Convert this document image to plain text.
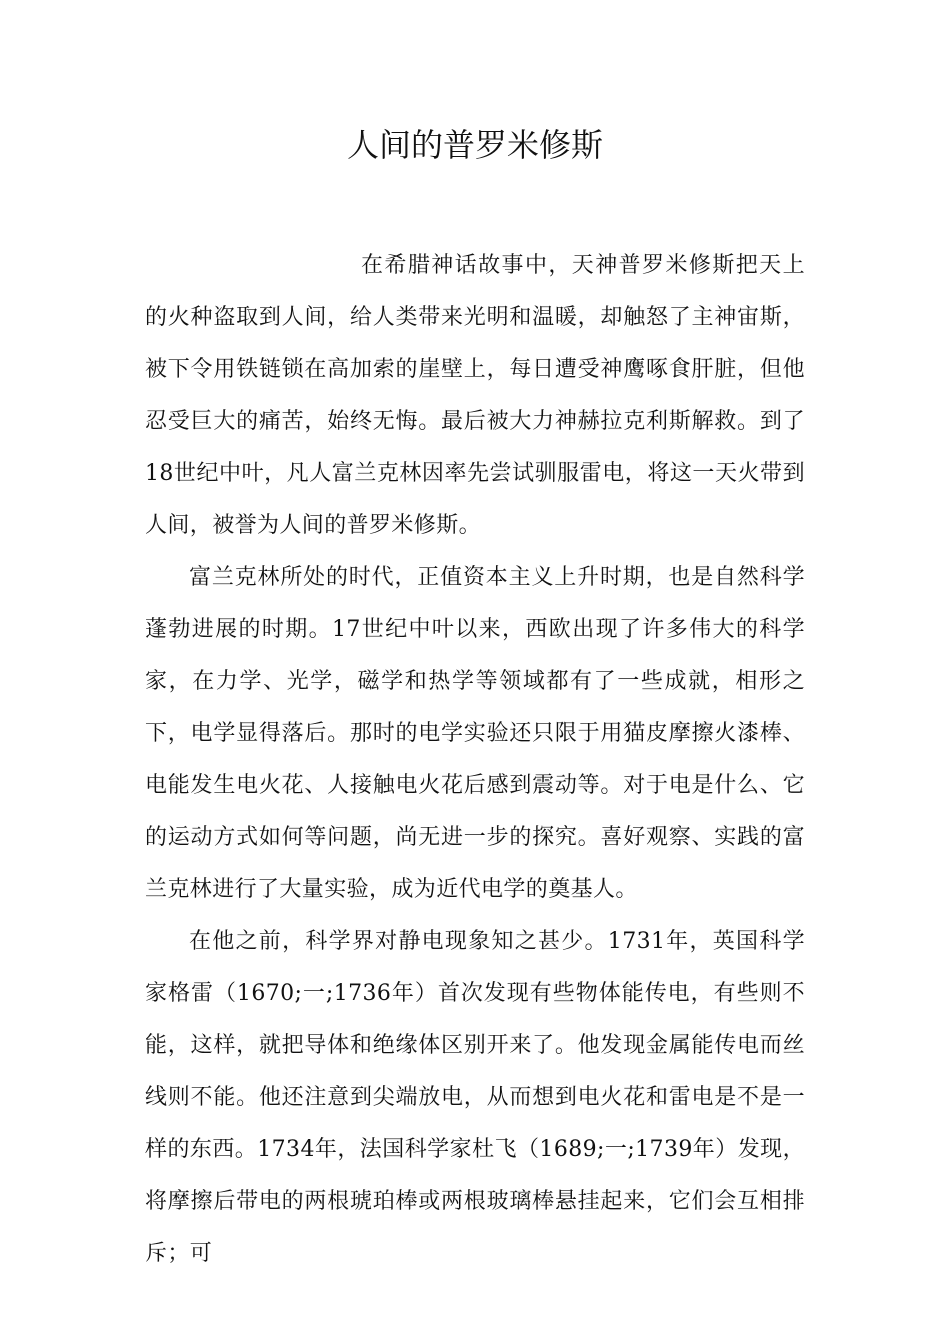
人间的普罗米修斯

在希腊神话故事中，天神普罗米修斯把天上的火种盗取到人间，给人类带来光明和温暖，却触怒了主神宙斯，被下令用铁链锁在高加索的崖壁上，每日遭受神鹰啄食肝脏，但他忍受巨大的痛苦，始终无悔。最后被大力神赫拉克利斯解救。到了18世纪中叶，凡人富兰克林因率先尝试驯服雷电，将这一天火带到人间，被誉为人间的普罗米修斯。

富兰克林所处的时代，正值资本主义上升时期，也是自然科学蓬勃进展的时期。17世纪中叶以来，西欧出现了许多伟大的科学家，在力学、光学，磁学和热学等领域都有了一些成就，相形之下，电学显得落后。那时的电学实验还只限于用猫皮摩擦火漆棒、电能发生电火花、人接触电火花后感到震动等。对于电是什么、它的运动方式如何等问题，尚无进一步的探究。喜好观察、实践的富兰克林进行了大量实验，成为近代电学的奠基人。

在他之前，科学界对静电现象知之甚少。1731年，英国科学家格雷（1670;一;1736年）首次发现有些物体能传电，有些则不能，这样，就把导体和绝缘体区别开来了。他发现金属能传电而丝线则不能。他还注意到尖端放电，从而想到电火花和雷电是不是一样的东西。1734年，法国科学家杜飞（1689;一;1739年）发现，将摩擦后带电的两根琥珀棒或两根玻璃棒悬挂起来，它们会互相排斥；可
